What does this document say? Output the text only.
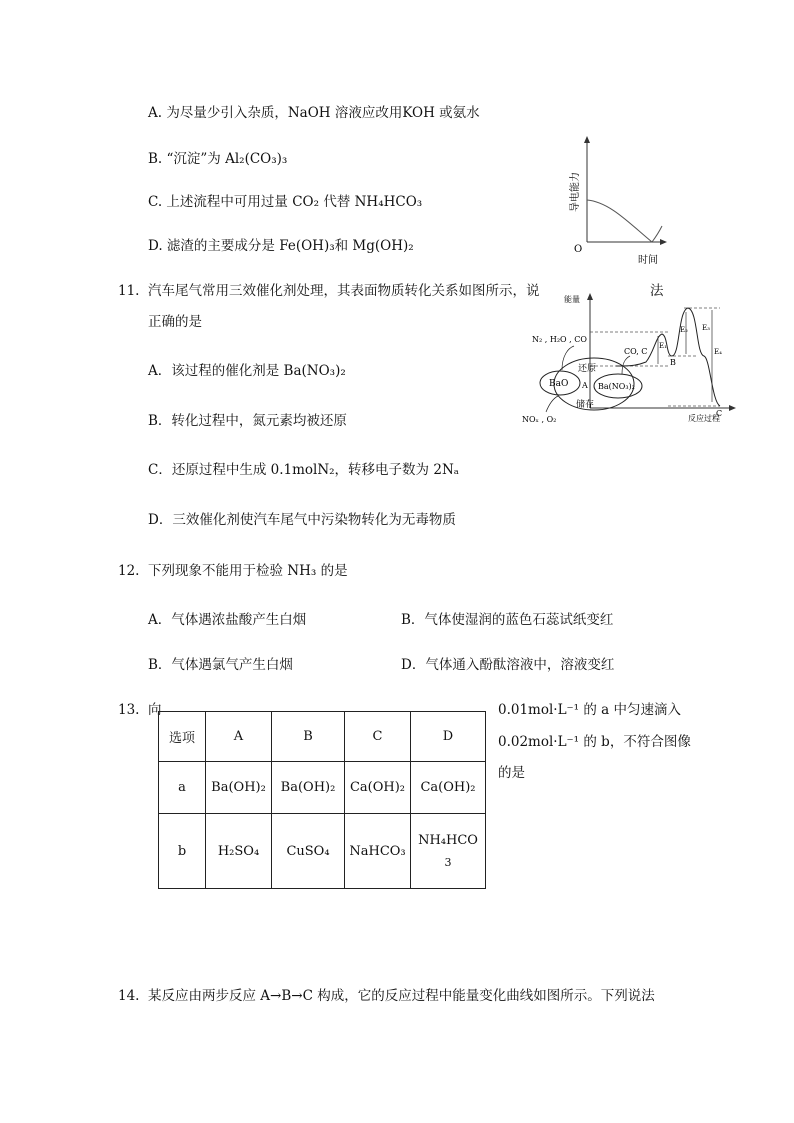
A. 为尽量少引入杂质，NaOH 溶液应改用KOH 或氨水
B. “沉淀”为 Al₂(CO₃)₃
C. 上述流程中可用过量 CO₂ 代替 NH₄HCO₃
D. 滤渣的主要成分是 Fe(OH)₃和 Mg(OH)₂	O
时间
导电能力
11. 汽车尾气常用三效催化剂处理，其表面物质转化关系如图所示，说	法
正确的是
A．该过程的催化剂是 Ba(NO₃)₂
B．转化过程中，氮元素均被还原
C．还原过程中生成 0.1molN₂，转移电子数为 2Nₐ
D．三效催化剂使汽车尾气中污染物转化为无毒物质
能量
反应过程
E₁
E₂ E₃
E₄
A
B
C
BaO	Ba(NO₃)₂
还原
储存
N₂ , H₂O , CO
CO, C
NOₓ , O₂
12. 下列现象不能用于检验 NH₃ 的是
A．气体遇浓盐酸产生白烟	B．气体使湿润的蓝色石蕊试纸变红
B．气体遇氯气产生白烟	D．气体通入酚酞溶液中，溶液变红
13. 向	0.01mol·L⁻¹ 的 a 中匀速滴入
0.02mol·L⁻¹ 的 b，不符合图像
的是
选项	A	B	C	D
a	Ba(OH)₂	Ba(OH)₂	Ca(OH)₂	Ca(OH)₂
b	H₂SO₄	CuSO₄	NaHCO₃	NH₄HCO
3
14. 某反应由两步反应 A→B→C 构成，它的反应过程中能量变化曲线如图所示。下列说法
